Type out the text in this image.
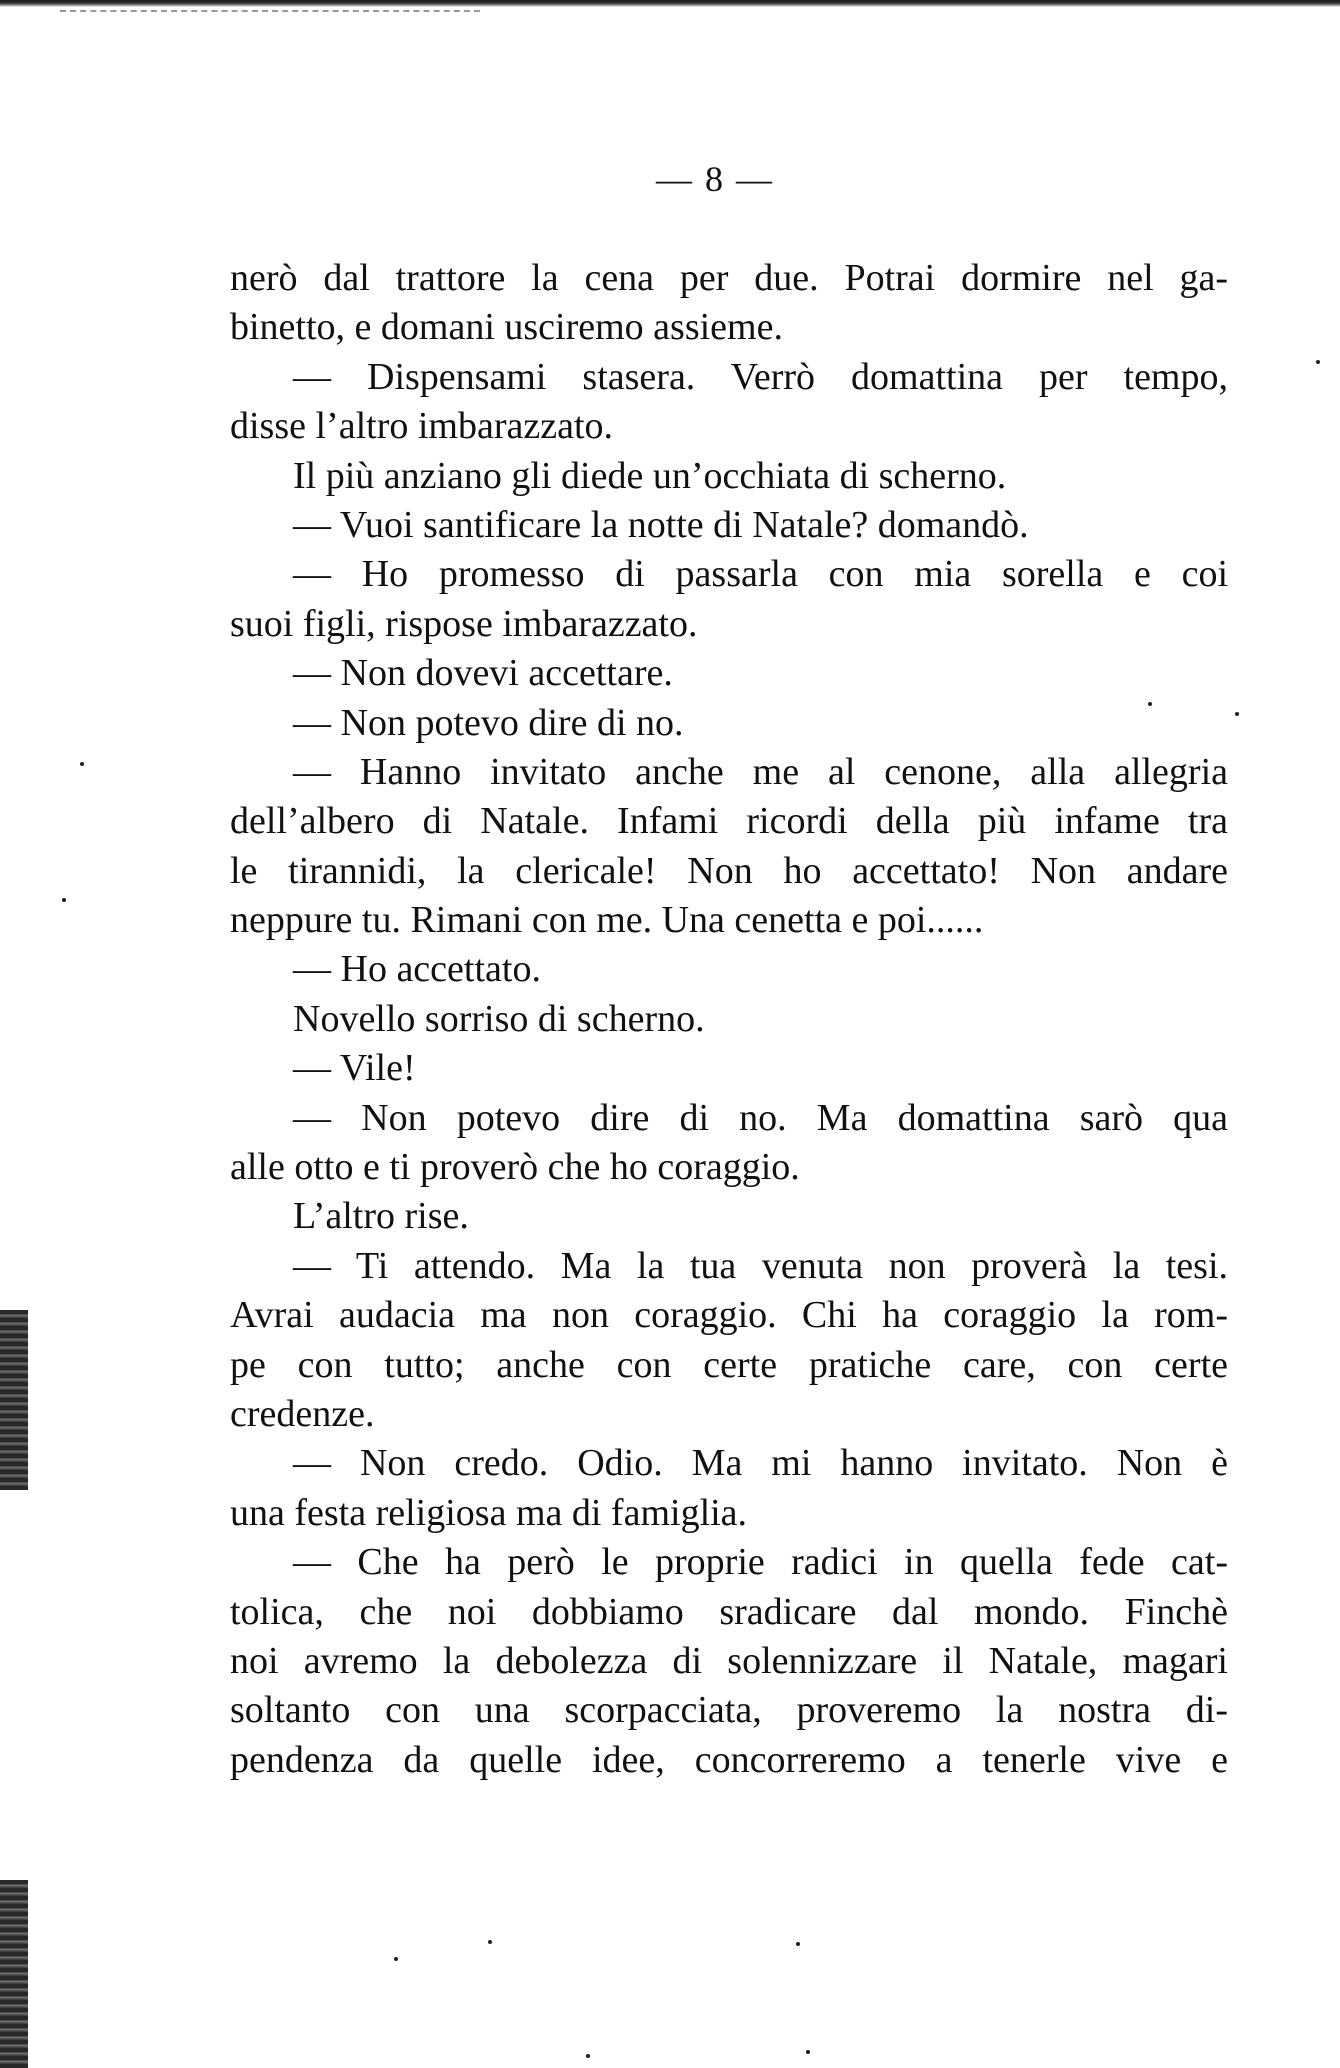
— 8 —
nerò dal trattore la cena per due. Potrai dormire nel ga-
binetto, e domani usciremo assieme.
— Dispensami stasera. Verrò domattina per tempo,
disse l’altro imbarazzato.
Il più anziano gli diede un’occhiata di scherno.
— Vuoi santificare la notte di Natale? domandò.
— Ho promesso di passarla con mia sorella e coi
suoi figli, rispose imbarazzato.
— Non dovevi accettare.
— Non potevo dire di no.
— Hanno invitato anche me al cenone, alla allegria
dell’albero di Natale. Infami ricordi della più infame tra
le tirannidi, la clericale! Non ho accettato! Non andare
neppure tu. Rimani con me. Una cenetta e poi......
— Ho accettato.
Novello sorriso di scherno.
— Vile!
— Non potevo dire di no. Ma domattina sarò qua
alle otto e ti proverò che ho coraggio.
L’altro rise.
— Ti attendo. Ma la tua venuta non proverà la tesi.
Avrai audacia ma non coraggio. Chi ha coraggio la rom-
pe con tutto; anche con certe pratiche care, con certe
credenze.
— Non credo. Odio. Ma mi hanno invitato. Non è
una festa religiosa ma di famiglia.
— Che ha però le proprie radici in quella fede cat-
tolica, che noi dobbiamo sradicare dal mondo. Finchè
noi avremo la debolezza di solennizzare il Natale, magari
soltanto con una scorpacciata, proveremo la nostra di-
pendenza da quelle idee, concorreremo a tenerle vive e
